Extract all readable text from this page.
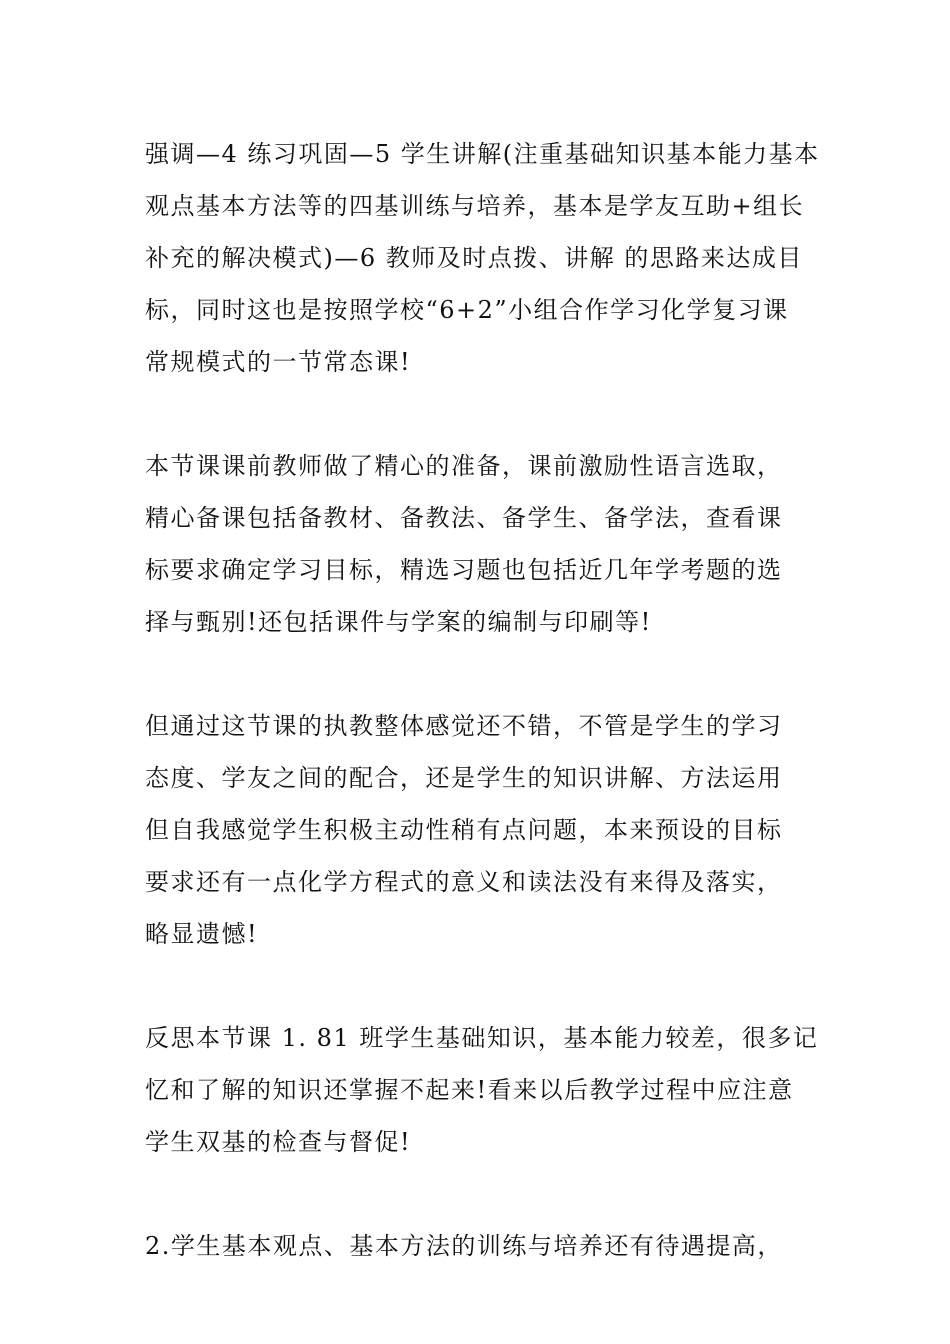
强调—4 练习巩固—5 学生讲解(注重基础知识基本能力基本
观点基本方法等的四基训练与培养，基本是学友互助+组长
补充的解决模式)—6 教师及时点拨、讲解 的思路来达成目
标，同时这也是按照学校“6+2”小组合作学习化学复习课
常规模式的一节常态课!
本节课课前教师做了精心的准备，课前激励性语言选取，
精心备课包括备教材、备教法、备学生、备学法，查看课
标要求确定学习目标，精选习题也包括近几年学考题的选
择与甄别!还包括课件与学案的编制与印刷等!
但通过这节课的执教整体感觉还不错，不管是学生的学习
态度、学友之间的配合，还是学生的知识讲解、方法运用
但自我感觉学生积极主动性稍有点问题，本来预设的目标
要求还有一点化学方程式的意义和读法没有来得及落实，
略显遗憾!
反思本节课 1. 81 班学生基础知识，基本能力较差，很多记
忆和了解的知识还掌握不起来!看来以后教学过程中应注意
学生双基的检查与督促!
2.学生基本观点、基本方法的训练与培养还有待遇提高，
